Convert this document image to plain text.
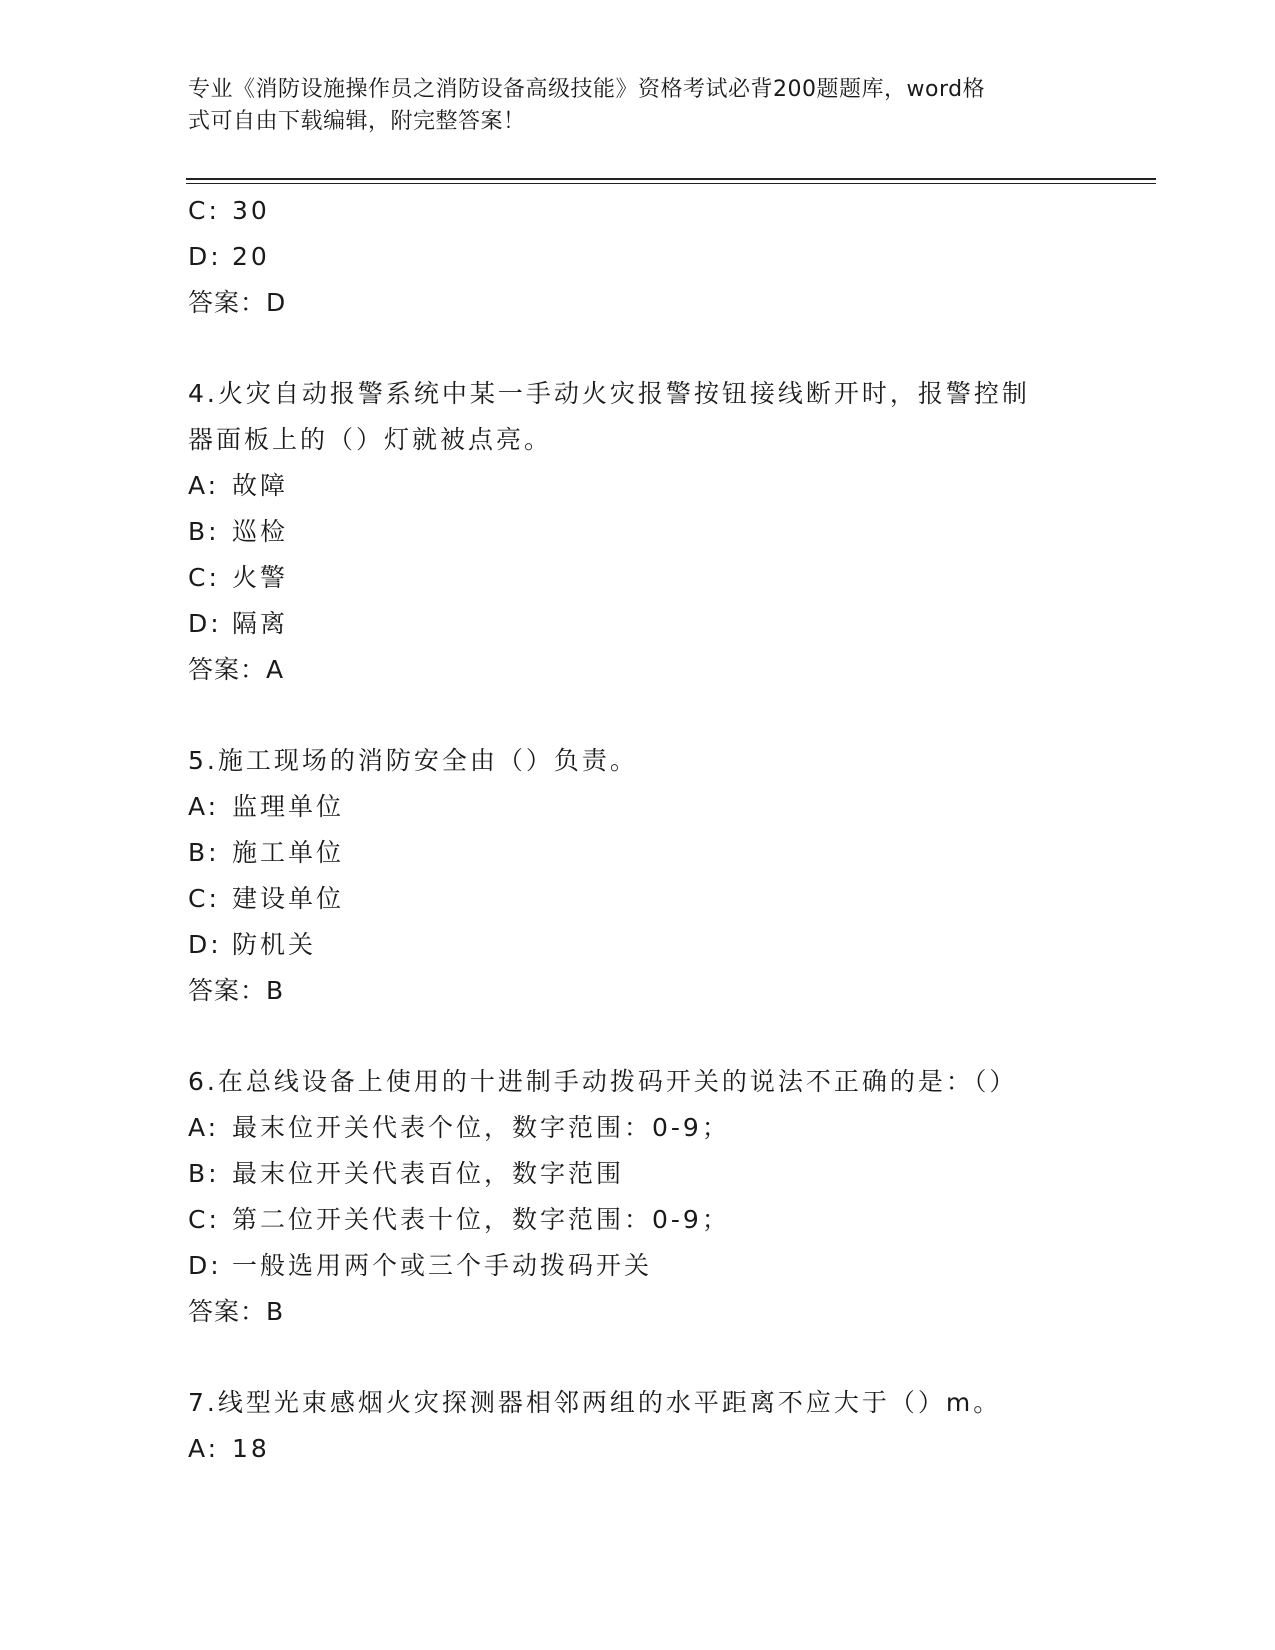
专业《消防设施操作员之消防设备高级技能》资格考试必背200题题库，word格
式可自由下载编辑，附完整答案！
C: 30
D: 20
答案：D
4.火灾自动报警系统中某一手动火灾报警按钮接线断开时，报警控制
器面板上的（）灯就被点亮。
A: 故障
B: 巡检
C: 火警
D: 隔离
答案：A
5.施工现场的消防安全由（）负责。
A: 监理单位
B: 施工单位
C: 建设单位
D: 防机关
答案：B
6.在总线设备上使用的十进制手动拨码开关的说法不正确的是：（）
A: 最末位开关代表个位，数字范围：0-9；
B: 最末位开关代表百位，数字范围
C: 第二位开关代表十位，数字范围：0-9；
D: 一般选用两个或三个手动拨码开关
答案：B
7.线型光束感烟火灾探测器相邻两组的水平距离不应大于（）m。
A: 18
